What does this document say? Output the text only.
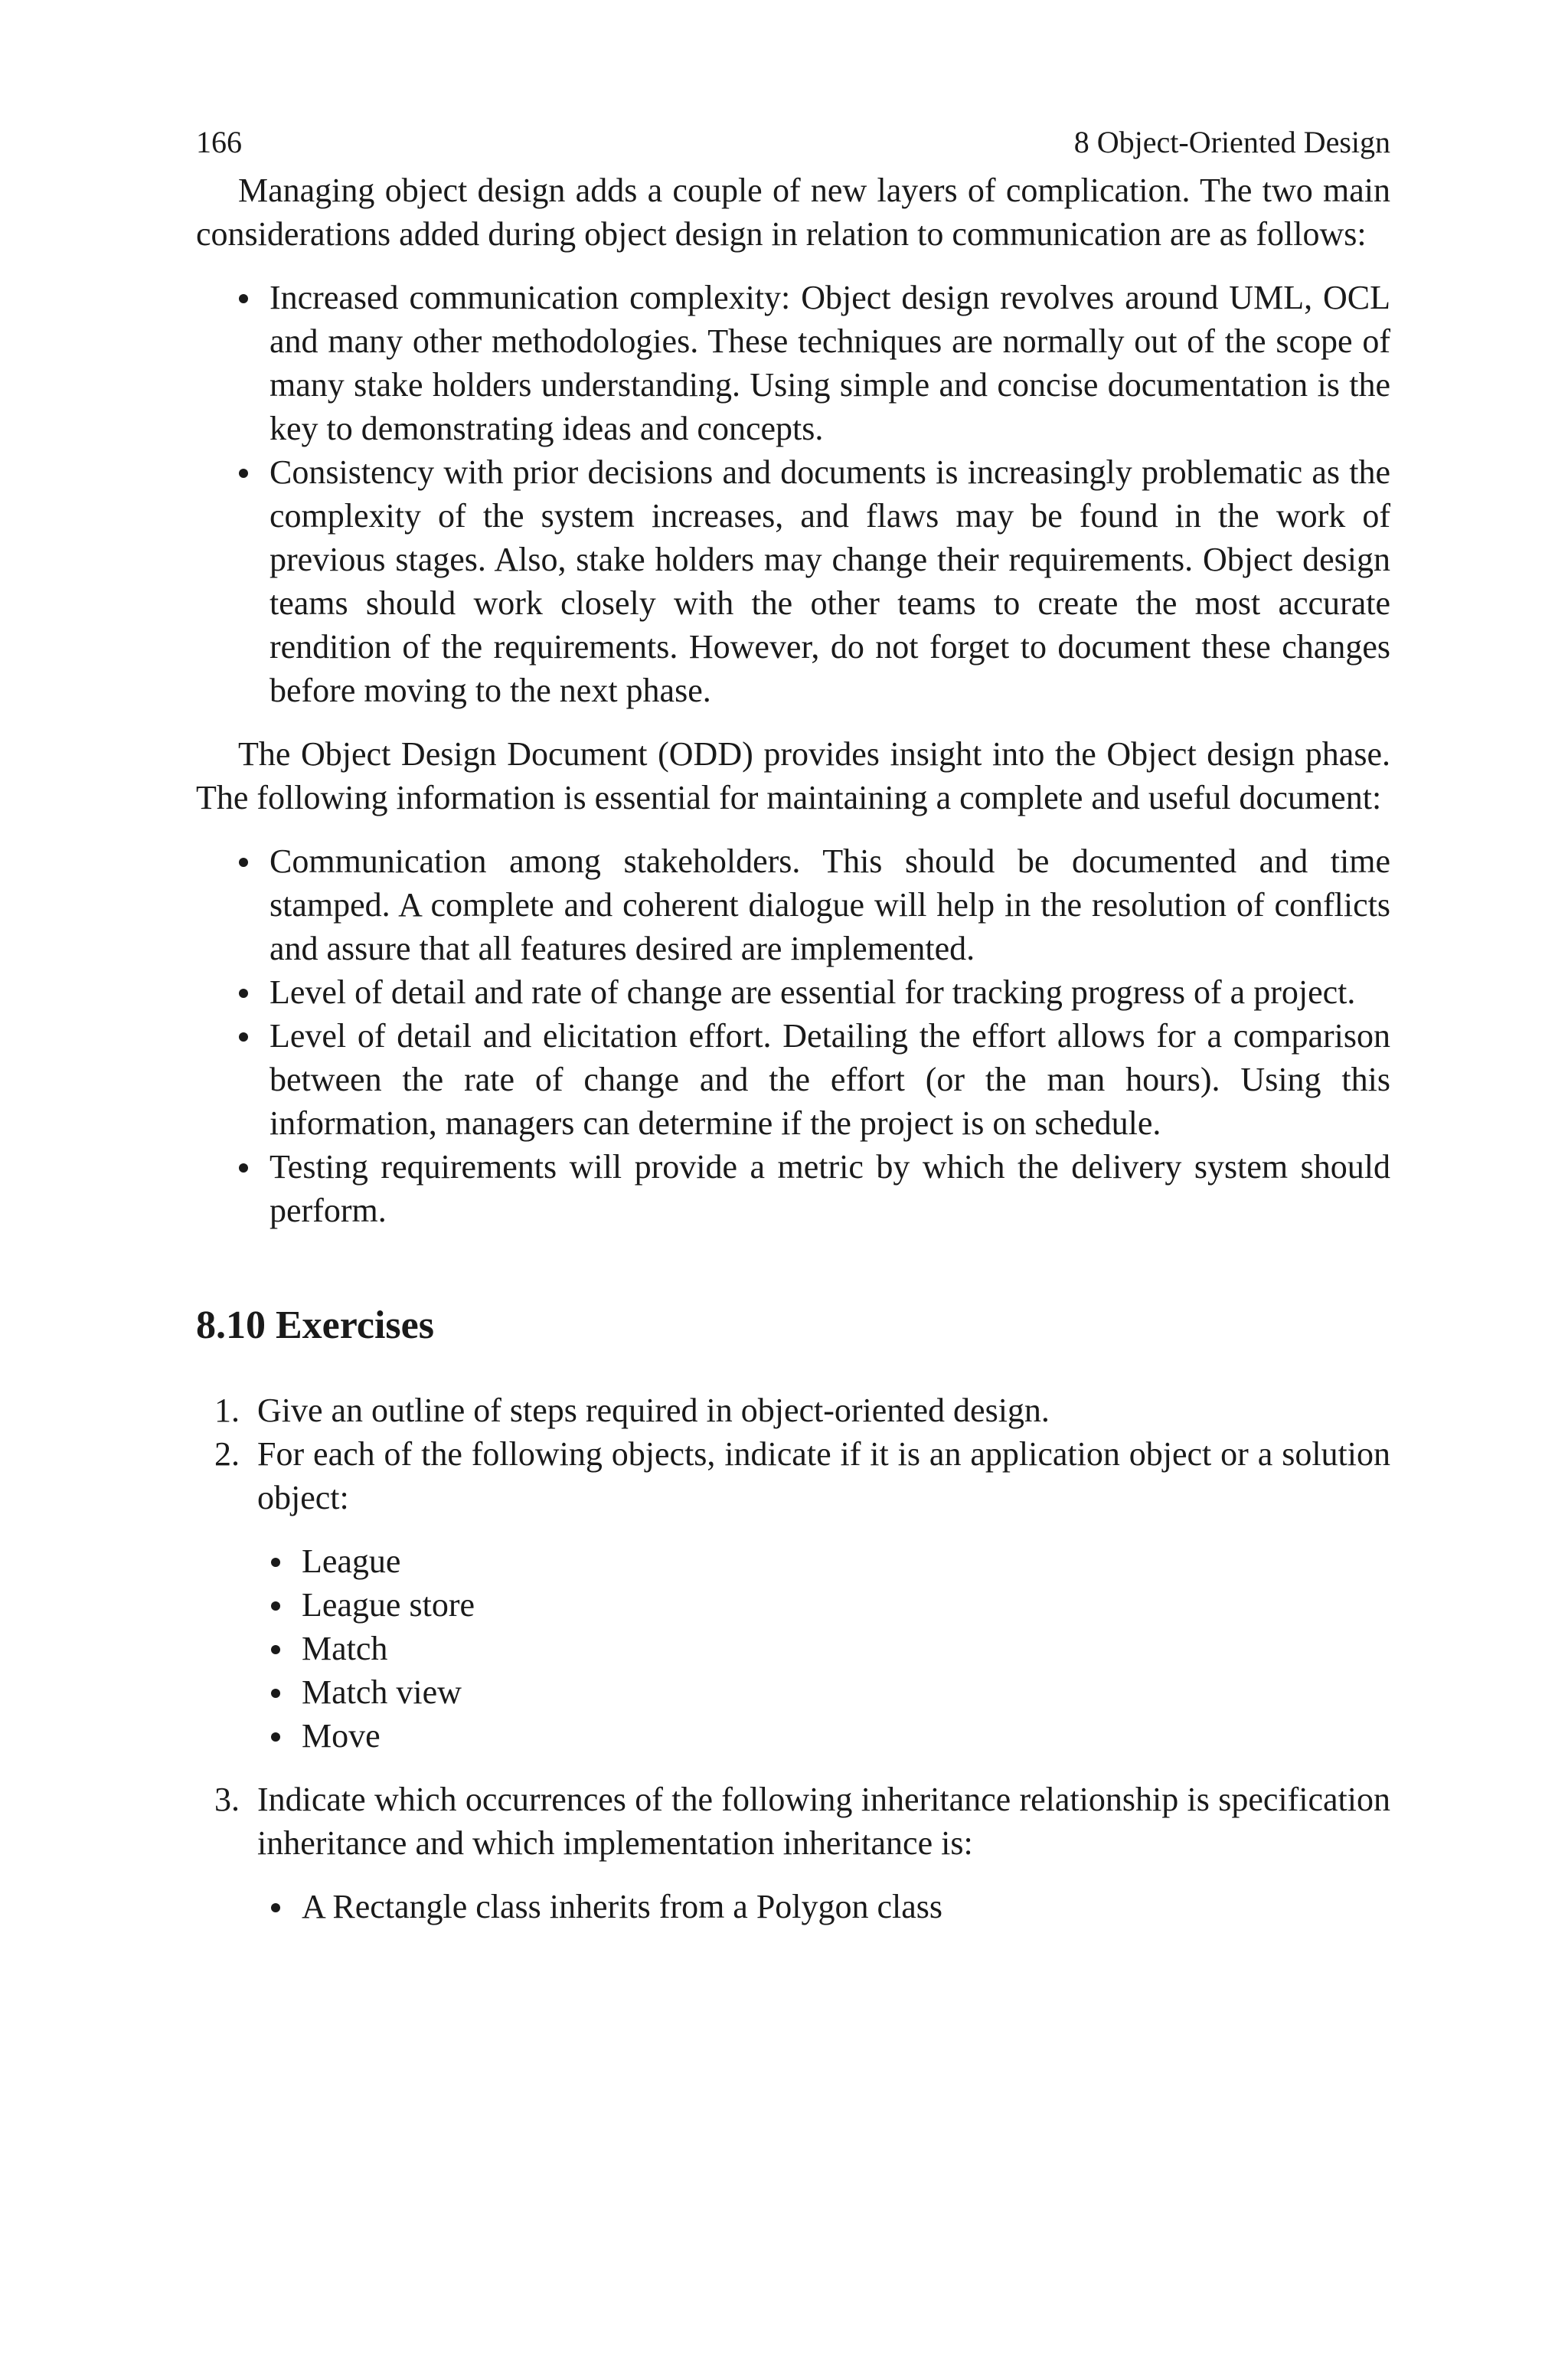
166	8 Object-Oriented Design

Managing object design adds a couple of new layers of complication. The two main considerations added during object design in relation to communication are as follows:

Increased communication complexity: Object design revolves around UML, OCL and many other methodologies. These techniques are normally out of the scope of many stake holders understanding. Using simple and concise documentation is the key to demonstrating ideas and concepts.
Consistency with prior decisions and documents is increasingly problematic as the complexity of the system increases, and flaws may be found in the work of previous stages. Also, stake holders may change their requirements. Object design teams should work closely with the other teams to create the most accurate rendition of the requirements. However, do not forget to document these changes before moving to the next phase.

The Object Design Document (ODD) provides insight into the Object design phase. The following information is essential for maintaining a complete and useful document:

Communication among stakeholders. This should be documented and time stamped. A complete and coherent dialogue will help in the resolution of conflicts and assure that all features desired are implemented.
Level of detail and rate of change are essential for tracking progress of a project.
Level of detail and elicitation effort. Detailing the effort allows for a comparison between the rate of change and the effort (or the man hours). Using this information, managers can determine if the project is on schedule.
Testing requirements will provide a metric by which the delivery system should perform.
8.10 Exercises
1. Give an outline of steps required in object-oriented design.
2. For each of the following objects, indicate if it is an application object or a solution object:
League
League store
Match
Match view
Move
3. Indicate which occurrences of the following inheritance relationship is specification inheritance and which implementation inheritance is:
A Rectangle class inherits from a Polygon class
